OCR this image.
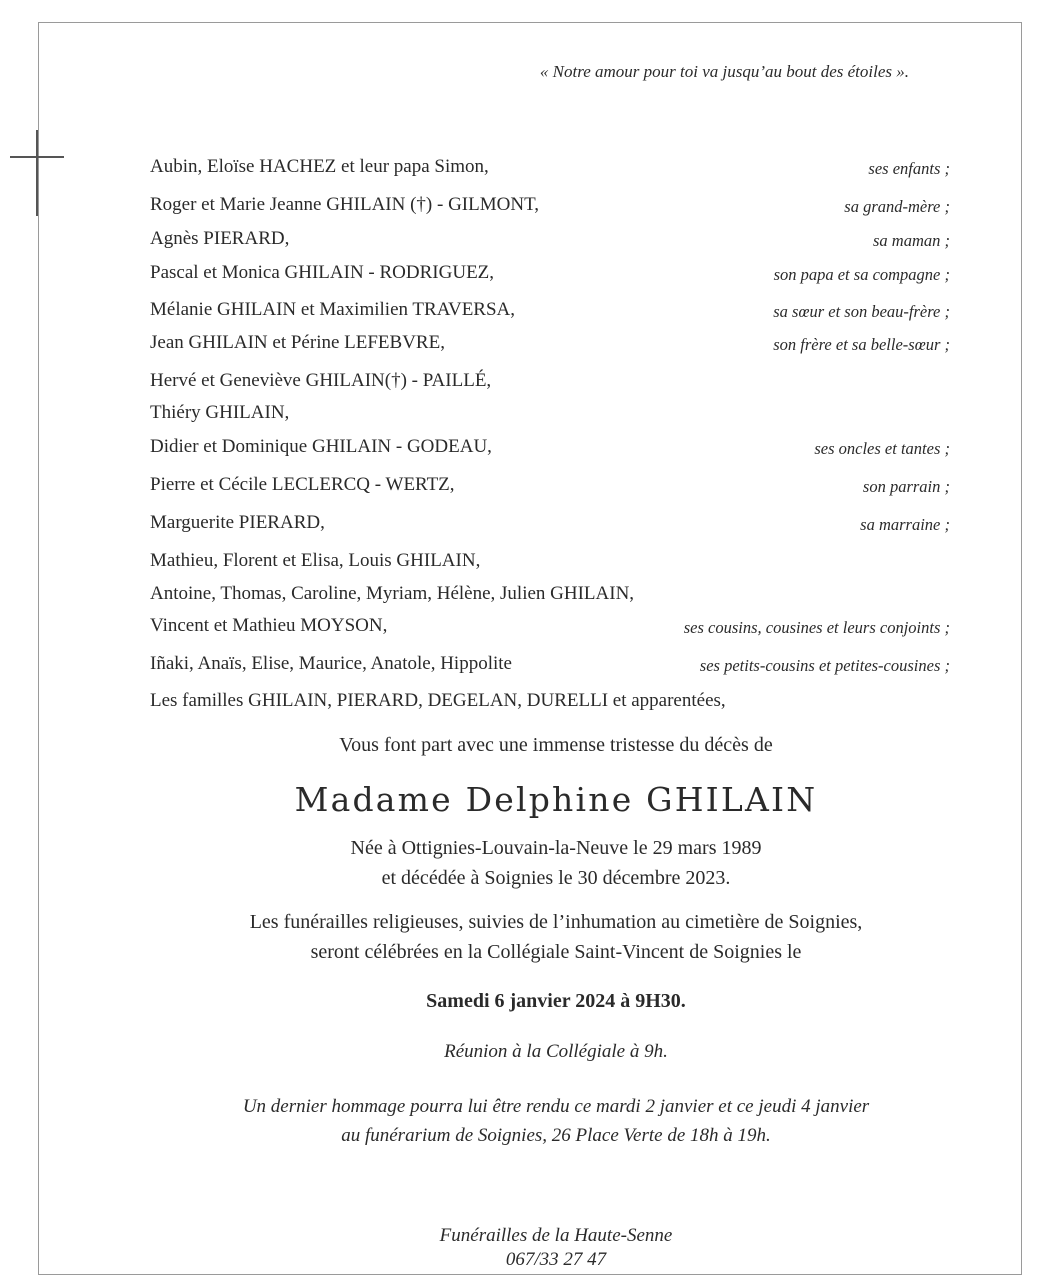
« Notre amour pour toi va jusqu’au bout des étoiles ».
Aubin, Eloïse HACHEZ et leur papa Simon,	ses enfants ;
Roger et Marie Jeanne GHILAIN (†) - GILMONT,	sa grand-mère ;
Agnès PIERARD,	sa maman ;
Pascal et Monica GHILAIN - RODRIGUEZ,	son papa et sa compagne ;
Mélanie GHILAIN et Maximilien TRAVERSA,	sa sœur et son beau-frère ;
Jean GHILAIN et Périne LEFEBVRE,	son frère et sa belle-sœur ;
Hervé et Geneviève GHILAIN(†) - PAILLÉ,
Thiéry GHILAIN,
Didier et Dominique GHILAIN - GODEAU,	ses oncles et tantes ;
Pierre et Cécile LECLERCQ - WERTZ,	son parrain ;
Marguerite PIERARD,	sa marraine ;
Mathieu, Florent et Elisa, Louis GHILAIN,
Antoine, Thomas, Caroline, Myriam, Hélène, Julien GHILAIN,
Vincent et Mathieu MOYSON,	ses cousins, cousines et leurs conjoints ;
Iñaki, Anaïs, Elise, Maurice, Anatole, Hippolite	ses petits-cousins et petites-cousines ;
Les familles GHILAIN, PIERARD, DEGELAN, DURELLI et apparentées,
Vous font part avec une immense tristesse du décès de
Madame Delphine GHILAIN
Née à Ottignies-Louvain-la-Neuve le 29 mars 1989
et décédée à Soignies le 30 décembre 2023.
Les funérailles religieuses, suivies de l’inhumation au cimetière de Soignies,
seront célébrées en la Collégiale Saint-Vincent de Soignies le
Samedi 6 janvier 2024 à 9H30.
Réunion à la Collégiale à 9h.
Un dernier hommage pourra lui être rendu ce mardi 2 janvier et ce jeudi 4 janvier
au funérarium de Soignies, 26 Place Verte de 18h à 19h.
Funérailles de la Haute-Senne
067/33 27 47
